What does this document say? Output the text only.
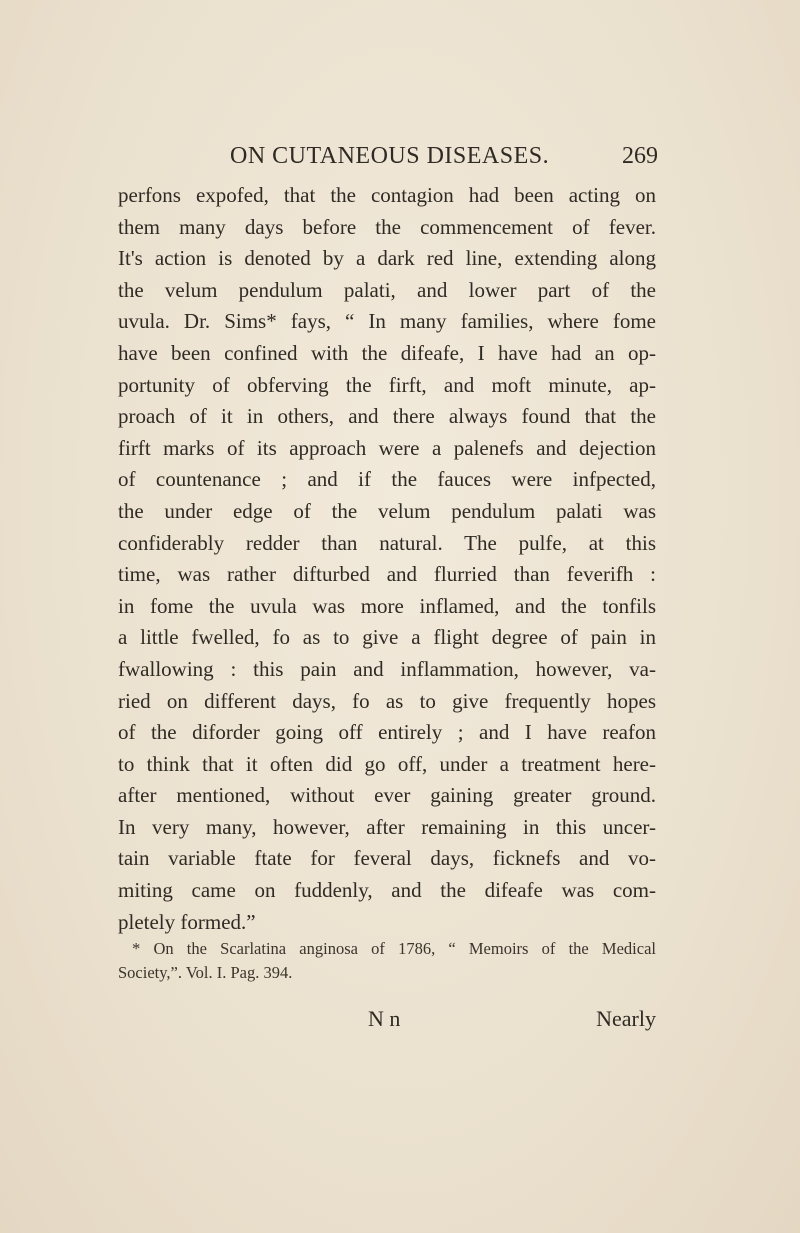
ON CUTANEOUS DISEASES.	269
perfons expofed, that the contagion had been acting on
them many days before the commencement of fever.
It's action is denoted by a dark red line, extending along
the velum pendulum palati, and lower part of the
uvula. Dr. Sims* fays, “ In many families, where fome
have been confined with the difeafe, I have had an op-
portunity of obferving the firft, and moft minute, ap-
proach of it in others, and there always found that the
firft marks of its approach were a palenefs and dejection
of countenance ; and if the fauces were infpected,
the under edge of the velum pendulum palati was
confiderably redder than natural. The pulfe, at this
time, was rather difturbed and flurried than feverifh :
in fome the uvula was more inflamed, and the tonfils
a little fwelled, fo as to give a flight degree of pain in
fwallowing : this pain and inflammation, however, va-
ried on different days, fo as to give frequently hopes
of the diforder going off entirely ; and I have reafon
to think that it often did go off, under a treatment here-
after mentioned, without ever gaining greater ground.
In very many, however, after remaining in this uncer-
tain variable ftate for feveral days, ficknefs and vo-
miting came on fuddenly, and the difeafe was com-
pletely formed.”
* On the Scarlatina anginosa of 1786, “ Memoirs of the Medical
Society,”. Vol. I. Pag. 394.
N n	Nearly
